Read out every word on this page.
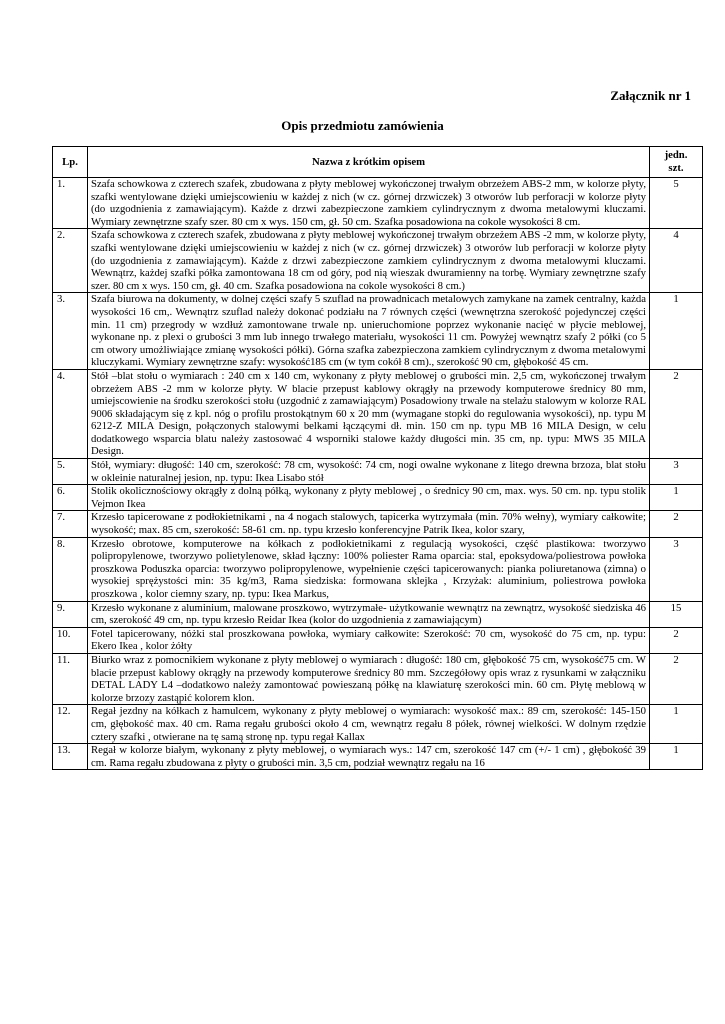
Załącznik nr 1
Opis przedmiotu zamówienia
Lp.	Nazwa z krótkim opisem	jedn.
szt.
1.	Szafa schowkowa z czterech szafek, zbudowana z płyty meblowej wykończonej trwałym obrzeżem ABS-2 mm, w kolorze płyty, szafki wentylowane dzięki umiejscowieniu w każdej z nich (w cz. górnej drzwiczek) 3 otworów lub perforacji w kolorze płyty (do uzgodnienia z zamawiającym). Każde z drzwi zabezpieczone zamkiem cylindrycznym z dwoma metalowymi kluczami. Wymiary zewnętrzne szafy szer. 80 cm x wys. 150 cm, gł. 50 cm. Szafka posadowiona na cokole wysokości 8 cm.	5
2.	Szafa schowkowa z czterech szafek, zbudowana z płyty meblowej wykończonej trwałym obrzeżem ABS -2 mm, w kolorze płyty, szafki wentylowane dzięki umiejscowieniu w każdej z nich (w cz. górnej drzwiczek) 3 otworów lub perforacji w kolorze płyty (do uzgodnienia z zamawiającym). Każde z drzwi zabezpieczone zamkiem cylindrycznym z dwoma metalowymi kluczami. Wewnątrz, każdej szafki półka zamontowana 18 cm od góry, pod nią wieszak dwuramienny na torbę. Wymiary zewnętrzne szafy szer. 80 cm x wys. 150 cm, gł. 40 cm. Szafka posadowiona na cokole wysokości 8 cm.)	4
3.	Szafa biurowa na dokumenty, w dolnej części szafy 5 szuflad na prowadnicach metalowych zamykane na zamek centralny, każda wysokości 16 cm,. Wewnątrz szuflad należy dokonać podziału na 7 równych części (wewnętrzna szerokość pojedynczej części min. 11 cm) przegrody w wzdłuż zamontowane trwale np. unieruchomione poprzez wykonanie nacięć w płycie meblowej, wykonane np. z plexi o grubości 3 mm lub innego trwałego materiału, wysokości 11 cm. Powyżej wewnątrz szafy 2 półki (co 5 cm otwory umożliwiające zmianę wysokości półki). Górna szafka zabezpieczona zamkiem cylindrycznym z dwoma metalowymi kluczykami. Wymiary zewnętrzne szafy: wysokość185 cm (w tym cokół 8 cm)., szerokość 90 cm, głębokość 45 cm.	1
4.	Stół –blat stołu o wymiarach : 240 cm x 140 cm, wykonany z płyty meblowej o grubości min. 2,5 cm, wykończonej trwałym obrzeżem ABS -2 mm w kolorze płyty. W blacie przepust kablowy okrągły na przewody komputerowe średnicy 80 mm, umiejscowienie na środku szerokości stołu (uzgodnić z zamawiającym) Posadowiony trwale na stelażu stalowym w kolorze RAL 9006 składającym się z kpl. nóg o profilu prostokątnym 60 x 20 mm (wymagane stopki do regulowania wysokości), np. typu M 6212-Z MILA Design, połączonych stalowymi belkami łączącymi dł. min. 150 cm np. typu MB 16 MILA Design, w celu dodatkowego wsparcia blatu należy zastosować 4 wsporniki stalowe każdy długości min. 35 cm, np. typu: MWS 35 MILA Design.	2
5.	Stół, wymiary: długość: 140 cm, szerokość: 78 cm, wysokość: 74 cm, nogi owalne wykonane z litego drewna brzoza, blat stołu w okleinie naturalnej jesion, np. typu: Ikea Lisabo stół	3
6.	Stolik okolicznościowy okrągły z dolną półką, wykonany z płyty meblowej , o średnicy 90 cm, max. wys. 50 cm. np. typu stolik Vejmon Ikea	1
7.	Krzesło tapicerowane z podłokietnikami , na 4 nogach stalowych, tapicerka wytrzymała (min. 70% wełny), wymiary całkowite; wysokość; max. 85 cm, szerokość: 58-61 cm. np. typu krzesło konferencyjne Patrik Ikea, kolor szary,	2
8.	Krzesło obrotowe, komputerowe na kółkach z podłokietnikami z regulacją wysokości, część plastikowa: tworzywo polipropylenowe, tworzywo polietylenowe, skład łączny: 100% poliester Rama oparcia: stal, epoksydowa/poliestrowa powłoka proszkowa Poduszka oparcia: tworzywo polipropylenowe, wypełnienie części tapicerowanych: pianka poliuretanowa (zimna) o wysokiej sprężystości min: 35 kg/m3, Rama siedziska: formowana sklejka , Krzyżak: aluminium, poliestrowa powłoka proszkowa , kolor ciemny szary, np. typu: Ikea Markus,	3
9.	Krzesło wykonane z aluminium, malowane proszkowo, wytrzymałe- użytkowanie wewnątrz na zewnątrz, wysokość siedziska 46 cm, szerokość 49 cm, np. typu krzesło Reidar Ikea (kolor do uzgodnienia z zamawiającym)	15
10.	Fotel tapicerowany, nóżki stal proszkowana powłoka, wymiary całkowite: Szerokość: 70 cm, wysokość do 75 cm, np. typu: Ekero Ikea , kolor żółty	2
11.	Biurko wraz z pomocnikiem wykonane z płyty meblowej o wymiarach : długość: 180 cm, głębokość 75 cm, wysokość75 cm. W blacie przepust kablowy okrągły na przewody komputerowe średnicy 80 mm. Szczegółowy opis wraz z rysunkami w załączniku DETAL LADY L4 –dodatkowo należy zamontować powieszaną półkę na klawiaturę szerokości min. 60 cm. Płytę meblową w kolorze brzozy zastąpić kolorem klon.	2
12.	Regał jezdny na kółkach z hamulcem, wykonany z płyty meblowej o wymiarach: wysokość max.: 89 cm, szerokość: 145-150 cm, głębokość max. 40 cm. Rama regału grubości około 4 cm, wewnątrz regału 8 półek, równej wielkości. W dolnym rzędzie cztery szafki , otwierane na tę samą stronę np. typu regał Kallax	1
13.	Regał w kolorze białym, wykonany z płyty meblowej, o wymiarach wys.: 147 cm, szerokość 147 cm (+/- 1 cm) , głębokość 39 cm. Rama regału zbudowana z płyty o grubości min. 3,5 cm, podział wewnątrz regału na 16	1
